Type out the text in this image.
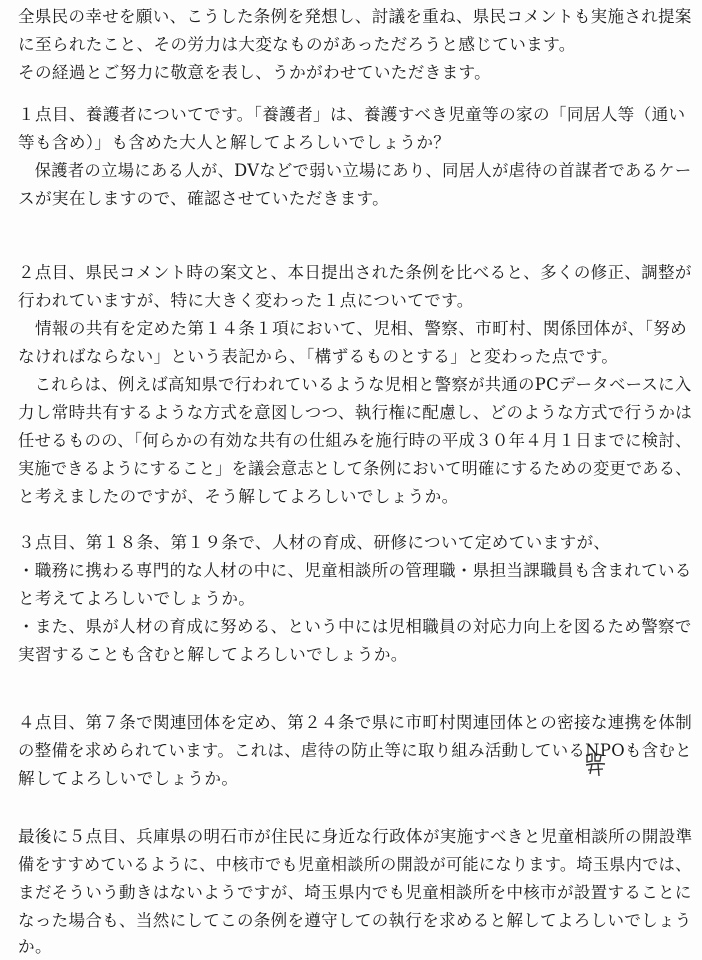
全県民の幸せを願い、こうした条例を発想し、討議を重ね、県民コメントも実施され提案
に至られたこと、その労力は大変なものがあっただろうと感じています。
その経過とご努力に敬意を表し、うかがわせていただきます。
１点目、養護者についてです。「養護者」は、養護すべき児童等の家の「同居人等（通い
等も含め）」も含めた大人と解してよろしいでしょうか？
　保護者の立場にある人が、DVなどで弱い立場にあり、同居人が虐待の首謀者であるケー
スが実在しますので、確認させていただきます。
２点目、県民コメント時の案文と、本日提出された条例を比べると、多くの修正、調整が
行われていますが、特に大きく変わった１点についてです。
　情報の共有を定めた第１４条１項において、児相、警察、市町村、関係団体が、「努め
なければならない」という表記から、「構ずるものとする」と変わった点です。
　これらは、例えば高知県で行われているような児相と警察が共通のPCデータベースに入
力し常時共有するような方式を意図しつつ、執行権に配慮し、どのような方式で行うかは
任せるものの、「何らかの有効な共有の仕組みを施行時の平成３０年４月１日までに検討、
実施できるようにすること」を議会意志として条例において明確にするための変更である、
と考えましたのですが、そう解してよろしいでしょうか。
３点目、第１８条、第１９条で、人材の育成、研修について定めていますが、
・職務に携わる専門的な人材の中に、児童相談所の管理職・県担当課職員も含まれている
と考えてよろしいでしょうか。
・また、県が人材の育成に努める、という中には児相職員の対応力向上を図るため警察で
実習することも含むと解してよろしいでしょうか。
４点目、第７条で関連団体を定め、第２４条で県に市町村関連団体との密接な連携を体制
の整備を求められています。これは、虐待の防止等に取り組み活動しているNPOも含むと
解してよろしいでしょうか。
最後に５点目、兵庫県の明石市が住民に身近な行政体が実施すべきと児童相談所の開設準
備をすすめているように、中核市でも児童相談所の開設が可能になります。埼玉県内では、
まだそういう動きはないようですが、埼玉県内でも児童相談所を中核市が設置することに
なった場合も、当然にしてこの条例を遵守しての執行を求めると解してよろしいでしょう
か。
